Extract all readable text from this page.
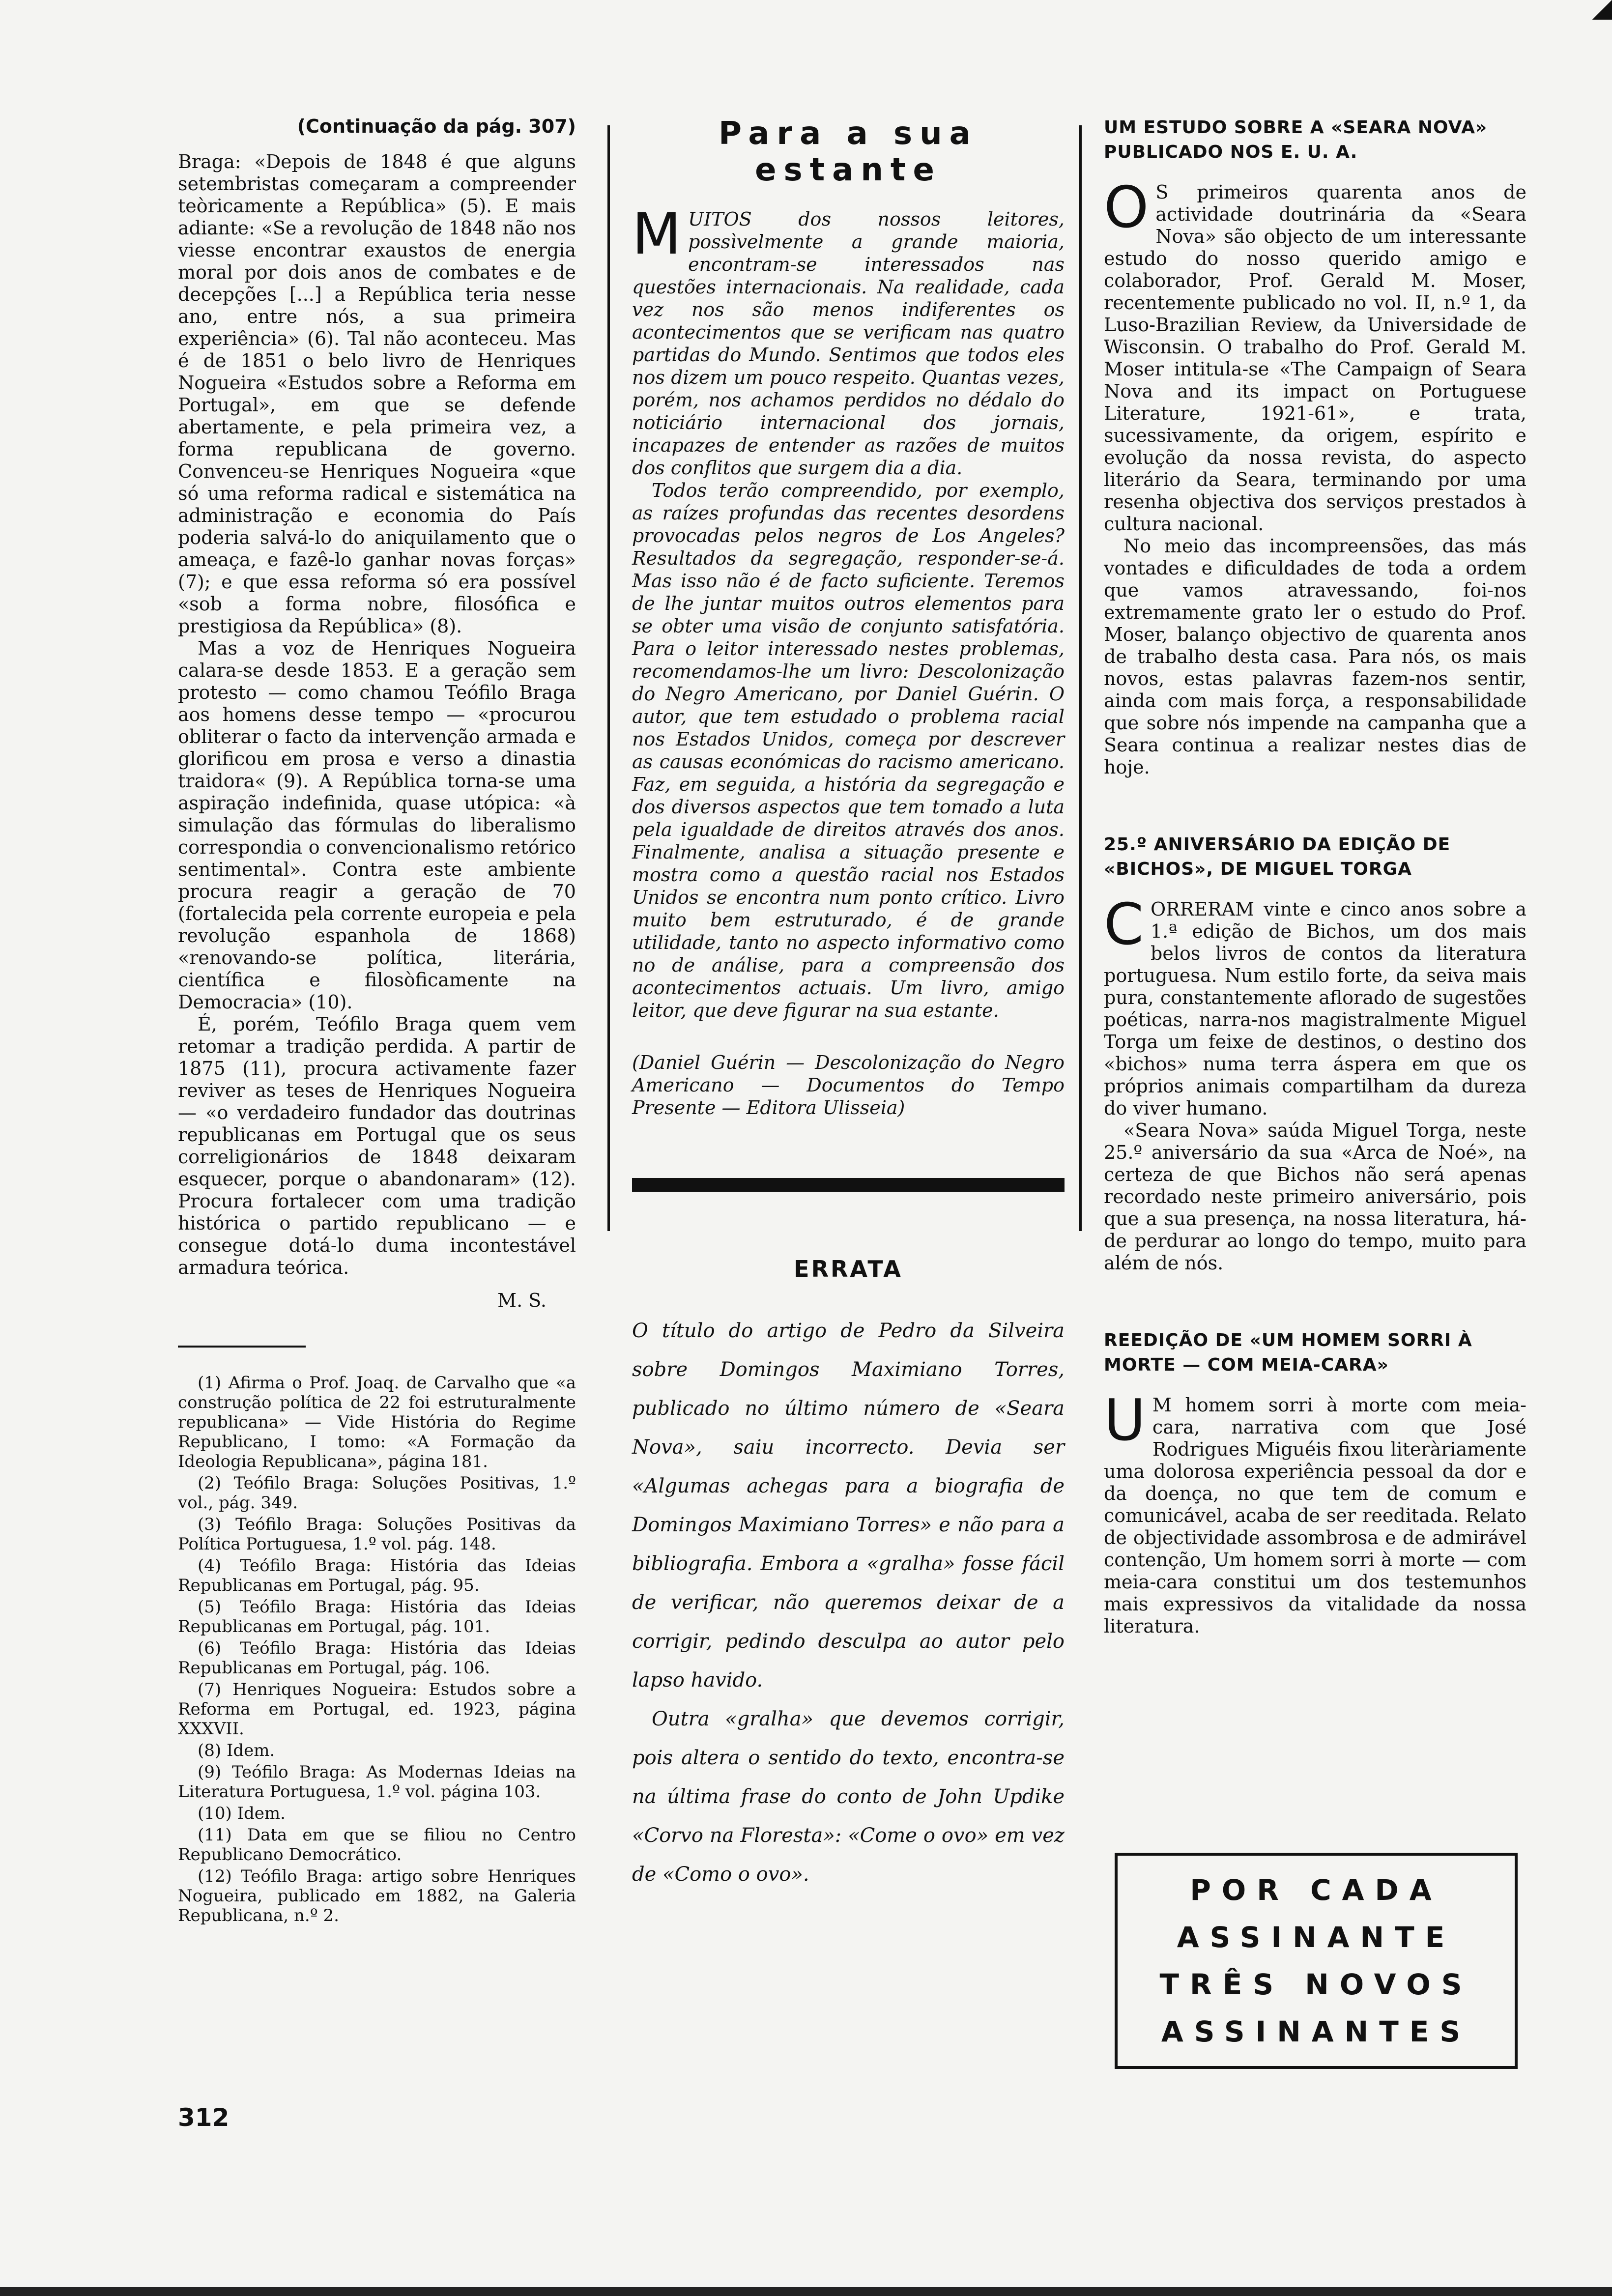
(Continuação da pág. 307)

Braga: «Depois de 1848 é que alguns setembristas começaram a compreender teòricamente a República» (5). E mais adiante: «Se a revolução de 1848 não nos viesse encontrar exaustos de energia moral por dois anos de combates e de decepções [...] a República teria nesse ano, entre nós, a sua primeira experiência» (6). Tal não aconteceu. Mas é de 1851 o belo livro de Henriques Nogueira «Estudos sobre a Reforma em Portugal», em que se defende abertamente, e pela primeira vez, a forma republicana de governo. Convenceu-se Henriques Nogueira «que só uma reforma radical e sistemática na administração e economia do País poderia salvá-lo do aniquilamento que o ameaça, e fazê-lo ganhar novas forças» (7); e que essa reforma só era possível «sob a forma nobre, filosófica e prestigiosa da República» (8).

Mas a voz de Henriques Nogueira calara-se desde 1853. E a geração sem protesto — como chamou Teófilo Braga aos homens desse tempo — «procurou obliterar o facto da intervenção armada e glorificou em prosa e verso a dinastia traidora« (9). A República torna-se uma aspiração indefinida, quase utópica: «à simulação das fórmulas do liberalismo correspondia o convencionalismo retórico sentimental». Contra este ambiente procura reagir a geração de 70 (fortalecida pela corrente europeia e pela revolução espanhola de 1868) «renovando-se política, literária, científica e filosòficamente na Democracia» (10).

É, porém, Teófilo Braga quem vem retomar a tradição perdida. A partir de 1875 (11), procura activamente fazer reviver as teses de Henriques Nogueira — «o verdadeiro fundador das doutrinas republicanas em Portugal que os seus correligionários de 1848 deixaram esquecer, porque o abandonaram» (12). Procura fortalecer com uma tradição histórica o partido republicano — e consegue dotá-lo duma incontestável armadura teórica.

M. S.

(1) Afirma o Prof. Joaq. de Carvalho que «a construção política de 22 foi estruturalmente republicana» — Vide História do Regime Republicano, I tomo: «A Formação da Ideologia Republicana», página 181.

(2) Teófilo Braga: Soluções Positivas, 1.º vol., pág. 349.

(3) Teófilo Braga: Soluções Positivas da Política Portuguesa, 1.º vol. pág. 148.

(4) Teófilo Braga: História das Ideias Republicanas em Portugal, pág. 95.

(5) Teófilo Braga: História das Ideias Republicanas em Portugal, pág. 101.

(6) Teófilo Braga: História das Ideias Republicanas em Portugal, pág. 106.

(7) Henriques Nogueira: Estudos sobre a Reforma em Portugal, ed. 1923, página XXXVII.

(8) Idem.

(9) Teófilo Braga: As Modernas Ideias na Literatura Portuguesa, 1.º vol. página 103.

(10) Idem.

(11) Data em que se filiou no Centro Republicano Democrático.

(12) Teófilo Braga: artigo sobre Henriques Nogueira, publicado em 1882, na Galeria Republicana, n.º 2.

312
Para a sua estante

MUITOS dos nossos leitores, possìvelmente a grande maioria, encontram-se interessados nas questões internacionais. Na realidade, cada vez nos são menos indiferentes os acontecimentos que se verificam nas quatro partidas do Mundo. Sentimos que todos eles nos dizem um pouco respeito. Quantas vezes, porém, nos achamos perdidos no dédalo do noticiário internacional dos jornais, incapazes de entender as razões de muitos dos conflitos que surgem dia a dia.

Todos terão compreendido, por exemplo, as raízes profundas das recentes desordens provocadas pelos negros de Los Angeles? Resultados da segregação, responder-se-á. Mas isso não é de facto suficiente. Teremos de lhe juntar muitos outros elementos para se obter uma visão de conjunto satisfatória. Para o leitor interessado nestes problemas, recomendamos-lhe um livro: Descolonização do Negro Americano, por Daniel Guérin. O autor, que tem estudado o problema racial nos Estados Unidos, começa por descrever as causas económicas do racismo americano. Faz, em seguida, a história da segregação e dos diversos aspectos que tem tomado a luta pela igualdade de direitos através dos anos. Finalmente, analisa a situação presente e mostra como a questão racial nos Estados Unidos se encontra num ponto crítico. Livro muito bem estruturado, é de grande utilidade, tanto no aspecto informativo como no de análise, para a compreensão dos acontecimentos actuais. Um livro, amigo leitor, que deve figurar na sua estante.

(Daniel Guérin — Descolonização do Negro Americano — Documentos do Tempo Presente — Editora Ulisseia)
ERRATA

O título do artigo de Pedro da Silveira sobre Domingos Maximiano Torres, publicado no último número de «Seara Nova», saiu incorrecto. Devia ser «Algumas achegas para a biografia de Domingos Maximiano Torres» e não para a bibliografia. Embora a «gralha» fosse fácil de verificar, não queremos deixar de a corrigir, pedindo desculpa ao autor pelo lapso havido.

Outra «gralha» que devemos corrigir, pois altera o sentido do texto, encontra-se na última frase do conto de John Updike «Corvo na Floresta»: «Come o ovo» em vez de «Como o ovo».

UM ESTUDO SOBRE A «SEARA NOVA» PUBLICADO NOS E. U. A.

O S primeiros quarenta anos de actividade doutrinária da «Seara Nova» são objecto de um interessante estudo do nosso querido amigo e colaborador, Prof. Gerald M. Moser, recentemente publicado no vol. II, n.º 1, da Luso-Brazilian Review, da Universidade de Wisconsin. O trabalho do Prof. Gerald M. Moser intitula-se «The Campaign of Seara Nova and its impact on Portuguese Literature, 1921-61», e trata, sucessivamente, da origem, espírito e evolução da nossa revista, do aspecto literário da Seara, terminando por uma resenha objectiva dos serviços prestados à cultura nacional.

No meio das incompreensões, das más vontades e dificuldades de toda a ordem que vamos atravessando, foi-nos extremamente grato ler o estudo do Prof. Moser, balanço objectivo de quarenta anos de trabalho desta casa. Para nós, os mais novos, estas palavras fazem-nos sentir, ainda com mais força, a responsabilidade que sobre nós impende na campanha que a Seara continua a realizar nestes dias de hoje.

25.º ANIVERSÁRIO DA EDIÇÃO DE «BICHOS», DE MIGUEL TORGA

CORRERAM vinte e cinco anos sobre a 1.ª edição de Bichos, um dos mais belos livros de contos da literatura portuguesa. Num estilo forte, da seiva mais pura, constantemente aflorado de sugestões poéticas, narra-nos magistralmente Miguel Torga um feixe de destinos, o destino dos «bichos» numa terra áspera em que os próprios animais compartilham da dureza do viver humano.

«Seara Nova» saúda Miguel Torga, neste 25.º aniversário da sua «Arca de Noé», na certeza de que Bichos não será apenas recordado neste primeiro aniversário, pois que a sua presença, na nossa literatura, há-de perdurar ao longo do tempo, muito para além de nós.

REEDIÇÃO DE «UM HOMEM SORRI À MORTE — COM MEIA-CARA»

U M homem sorri à morte com meia-cara, narrativa com que José Rodrigues Miguéis fixou literàriamente uma dolorosa experiência pessoal da dor e da doença, no que tem de comum e comunicável, acaba de ser reeditada. Relato de objectividade assombrosa e de admirável contenção, Um homem sorri à morte — com meia-cara constitui um dos testemunhos mais expressivos da vitalidade da nossa literatura.

POR CADA
ASSINANTE
TRÊS NOVOS
ASSINANTES
